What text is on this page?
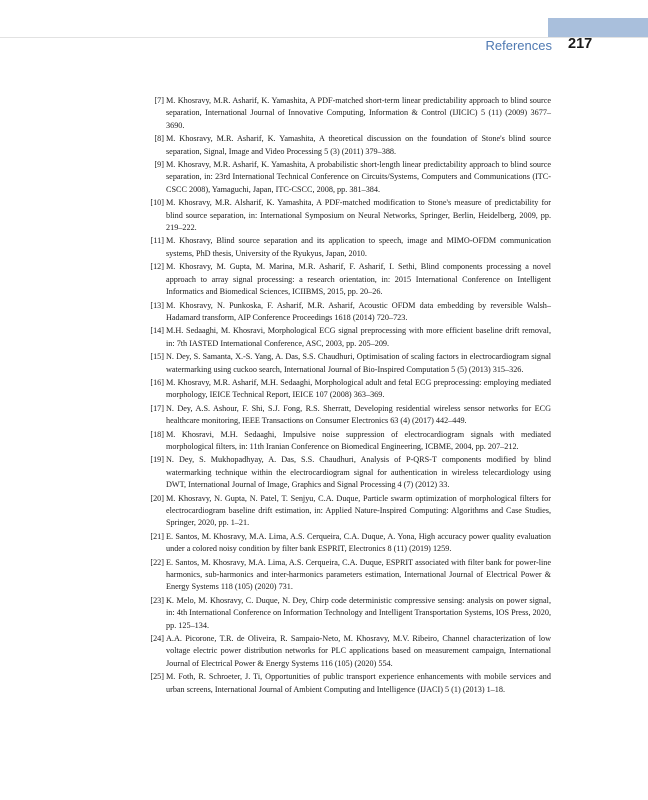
References 217
[7] M. Khosravy, M.R. Asharif, K. Yamashita, A PDF-matched short-term linear predictability approach to blind source separation, International Journal of Innovative Computing, Information & Control (IJICIC) 5 (11) (2009) 3677–3690.
[8] M. Khosravy, M.R. Asharif, K. Yamashita, A theoretical discussion on the foundation of Stone's blind source separation, Signal, Image and Video Processing 5 (3) (2011) 379–388.
[9] M. Khosravy, M.R. Asharif, K. Yamashita, A probabilistic short-length linear predictability approach to blind source separation, in: 23rd International Technical Conference on Circuits/Systems, Computers and Communications (ITC-CSCC 2008), Yamaguchi, Japan, ITC-CSCC, 2008, pp. 381–384.
[10] M. Khosravy, M.R. Alsharif, K. Yamashita, A PDF-matched modification to Stone's measure of predictability for blind source separation, in: International Symposium on Neural Networks, Springer, Berlin, Heidelberg, 2009, pp. 219–222.
[11] M. Khosravy, Blind source separation and its application to speech, image and MIMO-OFDM communication systems, PhD thesis, University of the Ryukyus, Japan, 2010.
[12] M. Khosravy, M. Gupta, M. Marina, M.R. Asharif, F. Asharif, I. Sethi, Blind components processing a novel approach to array signal processing: a research orientation, in: 2015 International Conference on Intelligent Informatics and Biomedical Sciences, ICIIBMS, 2015, pp. 20–26.
[13] M. Khosravy, N. Punkoska, F. Asharif, M.R. Asharif, Acoustic OFDM data embedding by reversible Walsh–Hadamard transform, AIP Conference Proceedings 1618 (2014) 720–723.
[14] M.H. Sedaaghi, M. Khosravi, Morphological ECG signal preprocessing with more efficient baseline drift removal, in: 7th IASTED International Conference, ASC, 2003, pp. 205–209.
[15] N. Dey, S. Samanta, X.-S. Yang, A. Das, S.S. Chaudhuri, Optimisation of scaling factors in electrocardiogram signal watermarking using cuckoo search, International Journal of Bio-Inspired Computation 5 (5) (2013) 315–326.
[16] M. Khosravy, M.R. Asharif, M.H. Sedaaghi, Morphological adult and fetal ECG preprocessing: employing mediated morphology, IEICE Technical Report, IEICE 107 (2008) 363–369.
[17] N. Dey, A.S. Ashour, F. Shi, S.J. Fong, R.S. Sherratt, Developing residential wireless sensor networks for ECG healthcare monitoring, IEEE Transactions on Consumer Electronics 63 (4) (2017) 442–449.
[18] M. Khosravi, M.H. Sedaaghi, Impulsive noise suppression of electrocardiogram signals with mediated morphological filters, in: 11th Iranian Conference on Biomedical Engineering, ICBME, 2004, pp. 207–212.
[19] N. Dey, S. Mukhopadhyay, A. Das, S.S. Chaudhuri, Analysis of P-QRS-T components modified by blind watermarking technique within the electrocardiogram signal for authentication in wireless telecardiology using DWT, International Journal of Image, Graphics and Signal Processing 4 (7) (2012) 33.
[20] M. Khosravy, N. Gupta, N. Patel, T. Senjyu, C.A. Duque, Particle swarm optimization of morphological filters for electrocardiogram baseline drift estimation, in: Applied Nature-Inspired Computing: Algorithms and Case Studies, Springer, 2020, pp. 1–21.
[21] E. Santos, M. Khosravy, M.A. Lima, A.S. Cerqueira, C.A. Duque, A. Yona, High accuracy power quality evaluation under a colored noisy condition by filter bank ESPRIT, Electronics 8 (11) (2019) 1259.
[22] E. Santos, M. Khosravy, M.A. Lima, A.S. Cerqueira, C.A. Duque, ESPRIT associated with filter bank for power-line harmonics, sub-harmonics and inter-harmonics parameters estimation, International Journal of Electrical Power & Energy Systems 118 (105) (2020) 731.
[23] K. Melo, M. Khosravy, C. Duque, N. Dey, Chirp code deterministic compressive sensing: analysis on power signal, in: 4th International Conference on Information Technology and Intelligent Transportation Systems, IOS Press, 2020, pp. 125–134.
[24] A.A. Picorone, T.R. de Oliveira, R. Sampaio-Neto, M. Khosravy, M.V. Ribeiro, Channel characterization of low voltage electric power distribution networks for PLC applications based on measurement campaign, International Journal of Electrical Power & Energy Systems 116 (105) (2020) 554.
[25] M. Foth, R. Schroeter, J. Ti, Opportunities of public transport experience enhancements with mobile services and urban screens, International Journal of Ambient Computing and Intelligence (IJACI) 5 (1) (2013) 1–18.
